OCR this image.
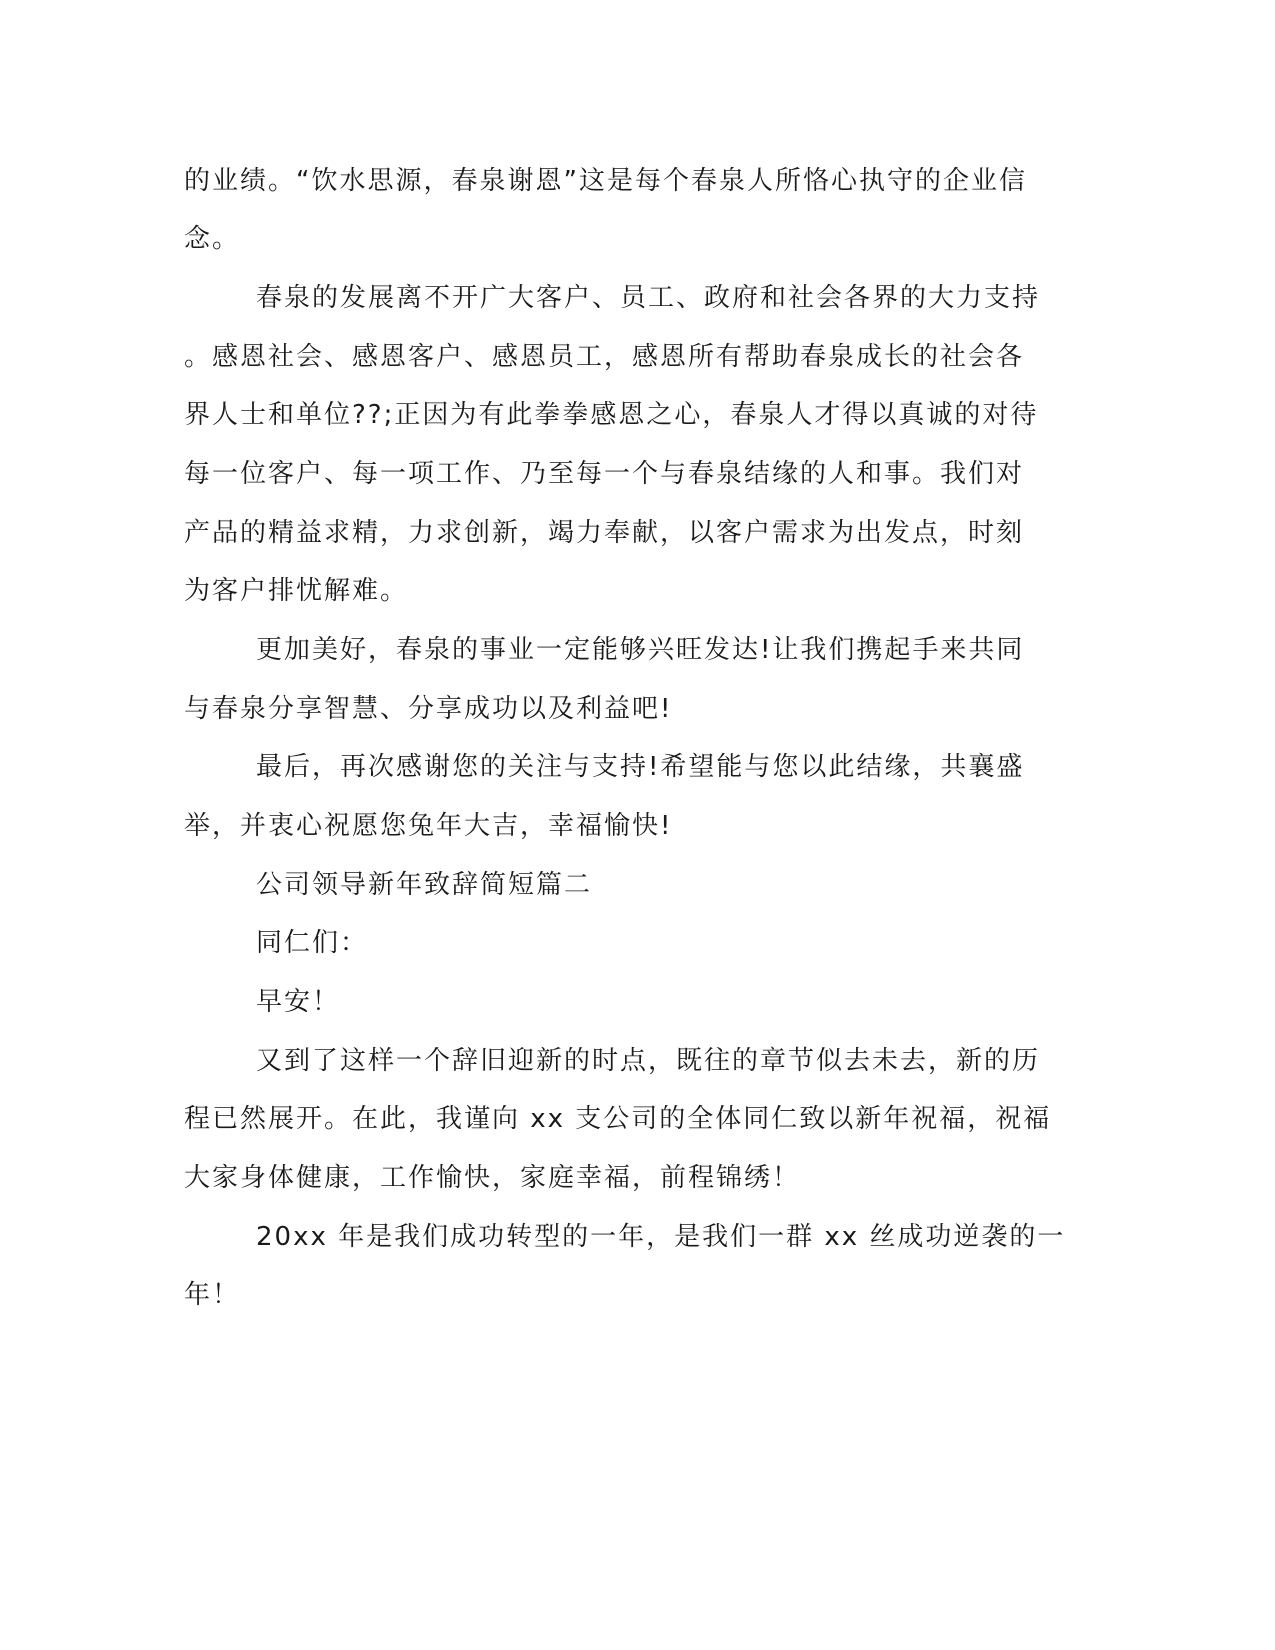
的业绩。“饮水思源，春泉谢恩”这是每个春泉人所恪心执守的企业信

念。

春泉的发展离不开广大客户、员工、政府和社会各界的大力支持

。感恩社会、感恩客户、感恩员工，感恩所有帮助春泉成长的社会各

界人士和单位??;正因为有此拳拳感恩之心，春泉人才得以真诚的对待

每一位客户、每一项工作、乃至每一个与春泉结缘的人和事。我们对

产品的精益求精，力求创新，竭力奉献，以客户需求为出发点，时刻

为客户排忧解难。

更加美好，春泉的事业一定能够兴旺发达!让我们携起手来共同

与春泉分享智慧、分享成功以及利益吧!

最后，再次感谢您的关注与支持!希望能与您以此结缘，共襄盛

举，并衷心祝愿您兔年大吉，幸福愉快!

公司领导新年致辞简短篇二

同仁们：

早安！

又到了这样一个辞旧迎新的时点，既往的章节似去未去，新的历

程已然展开。在此，我谨向 xx 支公司的全体同仁致以新年祝福，祝福

大家身体健康，工作愉快，家庭幸福，前程锦绣！

20xx 年是我们成功转型的一年，是我们一群 xx 丝成功逆袭的一

年！
